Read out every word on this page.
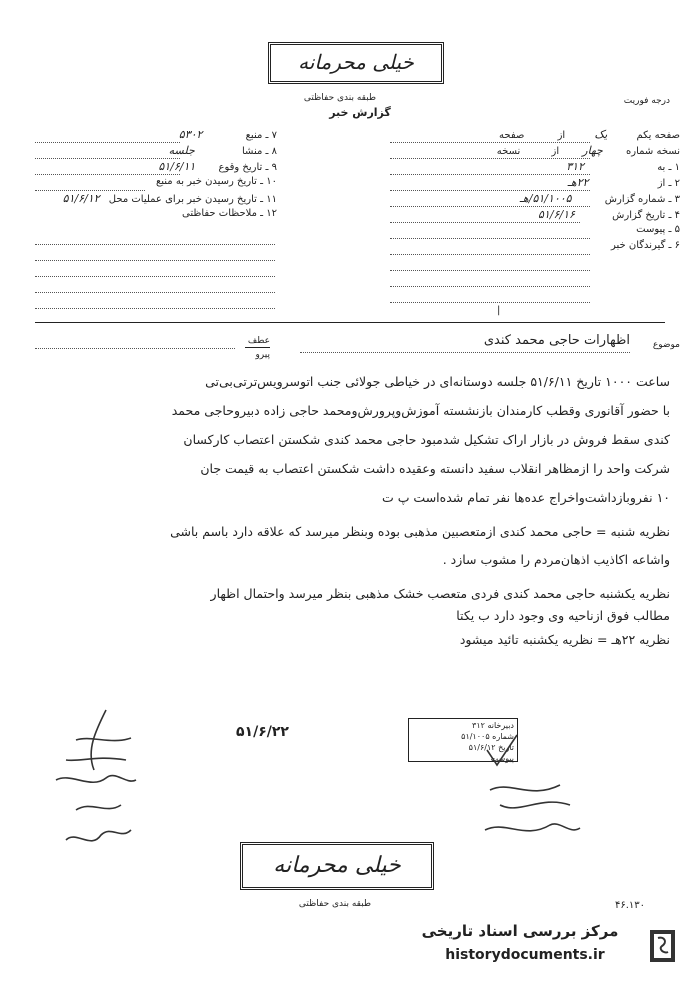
خیلی محرمانه
طبقه بندی حفاظتی	درجه فوریت
گزارش خبر
صفحه یکم یک از صفحه
نسخه شماره چهار از نسخه
۱ ـ به ۳۱۲
۲ ـ از ۲۲هـ
۳ ـ شماره گزارش ۵۱/۱۰۰۵/هـ
۴ ـ تاریخ گزارش ۵۱/۶/۱۶
۵ ـ پیوست
۶ ـ گیرندگان خبر
۷ ـ منبع ۵۳۰۲
۸ ـ منشا جلسه
۹ ـ تاریخ وقوع ۵۱/۶/۱۱
۱۰ ـ تاریخ رسیدن خبر به منبع
۱۱ ـ تاریخ رسیدن خبر برای عملیات محل ۵۱/۶/۱۲
۱۲ ـ ملاحظات حفاظتی
|
موضوع
اظهارات حاجی محمد کندی
عطف
پیرو
ساعت ۱۰۰۰ تاریخ ۵۱/۶/۱۱ جلسه دوستانه‌ای در خیاطی جولائی جنب اتوسرویس‌ترتی‌بی‌تی
با حضور آقانوری وقطب کارمندان بازنشسته آموزش‌وپرورش‌ومحمد حاجی زاده دبیروحاجی محمد
کندی سقط فروش در بازار اراک تشکیل شدمبود حاجی محمد کندی شکستن اعتصاب کارکسان
شرکت واحد را ازمظاهر انقلاب سفید دانسته وعقیده داشت شکستن اعتصاب به قیمت جان
۱۰ نفروبازداشت‌واخراج عده‌ها نفر تمام شده‌است پ ت
نظریه شنبه = حاجی محمد کندی ازمتعصبین مذهبی بوده وبنظر میرسد که علاقه دارد باسم باشی
واشاعه اکاذیب اذهان‌مردم را مشوب سازد .
نظریه یکشنبه حاجی محمد کندی فردی متعصب خشک مذهبی بنظر میرسد واحتمال اظهار
مطالب فوق ازناحیه وی وجود دارد ب یکتا
نظریه ۲۲هـ = نظریه یکشنبه تائید میشود
۵۱/۶/۲۲	دبیرخانه ۳۱۲
شماره ۵۱/۱۰۰۵
تاریخ ۵۱/۶/۱۲
پیوست
خیلی محرمانه
طبقه بندی حفاظتی	۴۶.۱۳۰
مرکز بررسی اسناد تاریخی
historydocuments.ir
